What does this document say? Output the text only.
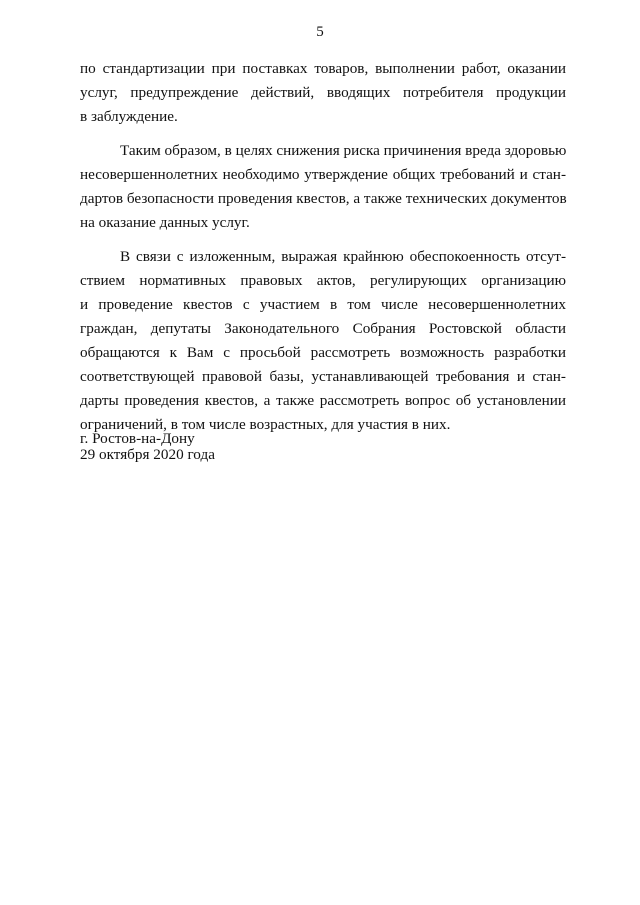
5
по стандартизации при поставках товаров, выполнении работ, оказании
услуг, предупреждение действий, вводящих потребителя продукции
в заблуждение.
Таким образом, в целях снижения риска причинения вреда здоровью
несовершеннолетних необходимо утверждение общих требований и стан-
дартов безопасности проведения квестов, а также технических документов
на оказание данных услуг.
В связи с изложенным, выражая крайнюю обеспокоенность отсут-
ствием нормативных правовых актов, регулирующих организацию
и проведение квестов с участием в том числе несовершеннолетних
граждан, депутаты Законодательного Собрания Ростовской области
обращаются к Вам с просьбой рассмотреть возможность разработки
соответствующей правовой базы, устанавливающей требования и стан-
дарты проведения квестов, а также рассмотреть вопрос об установлении
ограничений, в том числе возрастных, для участия в них.
г. Ростов-на-Дону
29 октября 2020 года
